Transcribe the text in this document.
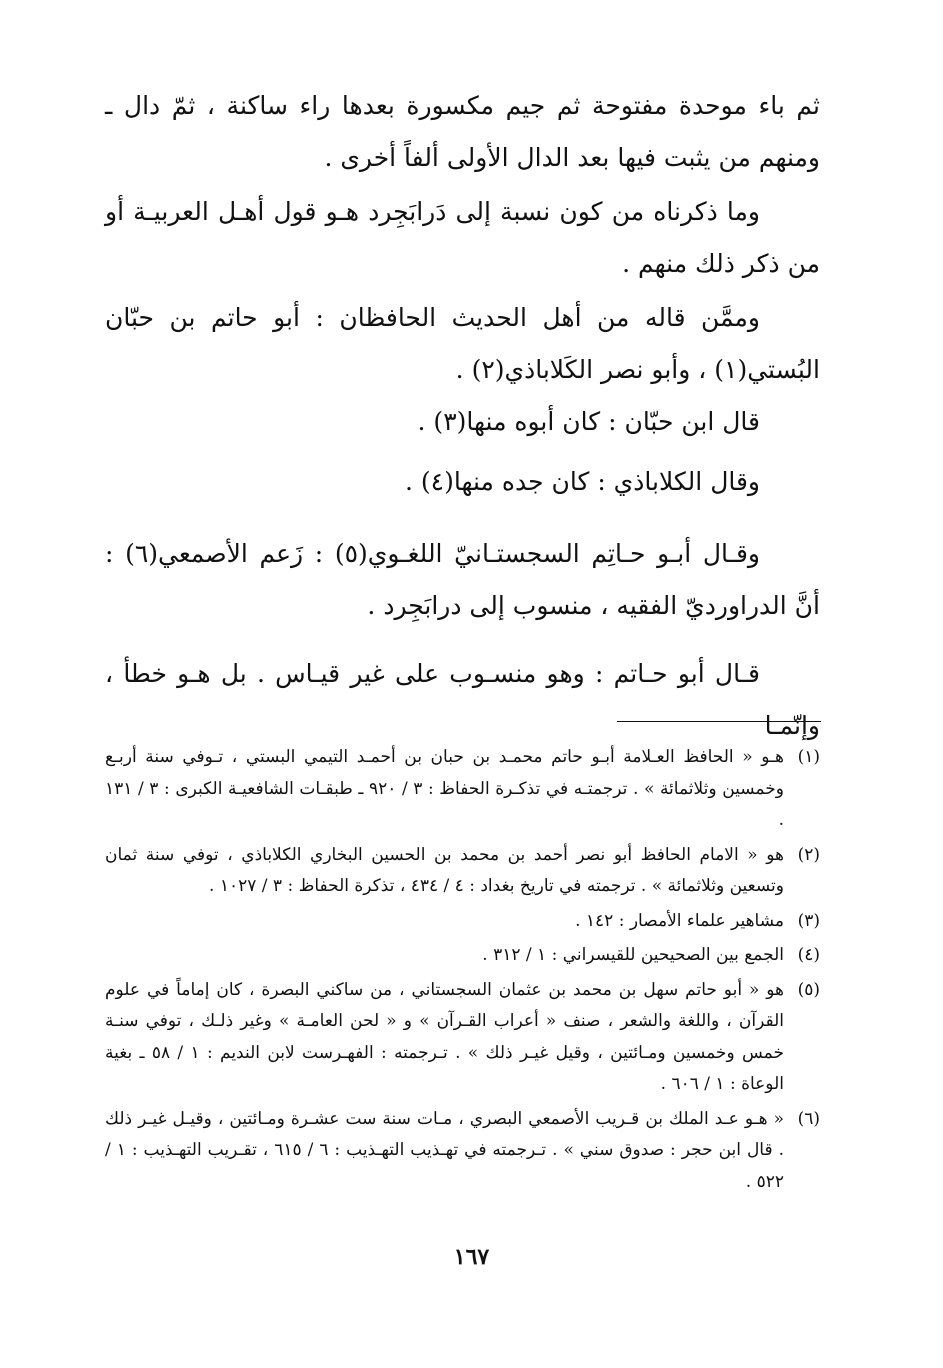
ثم باء موحدة مفتوحة ثم جيم مكسورة بعدها راء ساكنة ، ثمّ دال ـ ومنهم من يثبت فيها بعد الدال الأولى ألفاً أخرى .

وما ذكرناه من كون نسبة إلى دَرابَجِرد هـو قول أهـل العربيـة أو من ذكر ذلك منهم .

وممَّن قاله من أهل الحديث الحافظان : أبو حاتم بن حبّان البُستي(١) ، وأبو نصر الكَلاباذي(٢) .

قال ابن حبّان : كان أبوه منها(٣) .

وقال الكلاباذي : كان جده منها(٤) .

وقـال أبـو حـاتِم السجستـانيّ اللغـوي(٥) : زَعم الأصمعي(٦) : أنَّ الدراورديّ الفقيه ، منسوب إلى درابَجِرد .

قـال أبو حـاتم : وهو منسـوب على غير قيـاس . بل هـو خطأ ، وإنّمـا

(١)
هـو « الحافظ العـلامة أبـو حاتم محمـد بن حبان بن أحمـد التيمي البستي ، تـوفي سنة أربـع وخمسين وثلاثمائة » . ترجمتـه في تذكـرة الحفاظ : ٣ / ٩٢٠ ـ طبقـات الشافعيـة الكبرى : ٣ / ١٣١ .

(٢)
هو « الامام الحافظ أبو نصر أحمد بن محمد بن الحسين البخاري الكلاباذي ، توفي سنة ثمان وتسعين وثلاثمائة » . ترجمته في تاريخ بغداد : ٤ / ٤٣٤ ، تذكرة الحفاظ : ٣ / ١٠٢٧ .

(٣)
مشاهير علماء الأمصار : ١٤٢ .

(٤)
الجمع بين الصحيحين للقيسراني : ١ / ٣١٢ .

(٥)
هو « أبو حاتم سهل بن محمد بن عثمان السجستاني ، من ساكني البصرة ، كان إماماً في علوم القرآن ، واللغة والشعر ، صنف « أعراب القـرآن » و « لحن العامـة » وغير ذلـك ، توفي سنـة خمس وخمسين ومـائتين ، وقيل غيـر ذلك » . تـرجمته : الفهـرست لابن النديم : ١ / ٥٨ ـ بغية الوعاة : ١ / ٦٠٦ .

(٦)
« هـو عـد الملك بن قـريب الأصمعي البصري ، مـات سنة ست عشـرة ومـائتين ، وقيـل غيـر ذلك . قال ابن حجر : صدوق سني » . تـرجمته في تهـذيب التهـذيب : ٦ / ٦١٥ ، تقـريب التهـذيب : ١ / ٥٢٢ .

١٦٧
